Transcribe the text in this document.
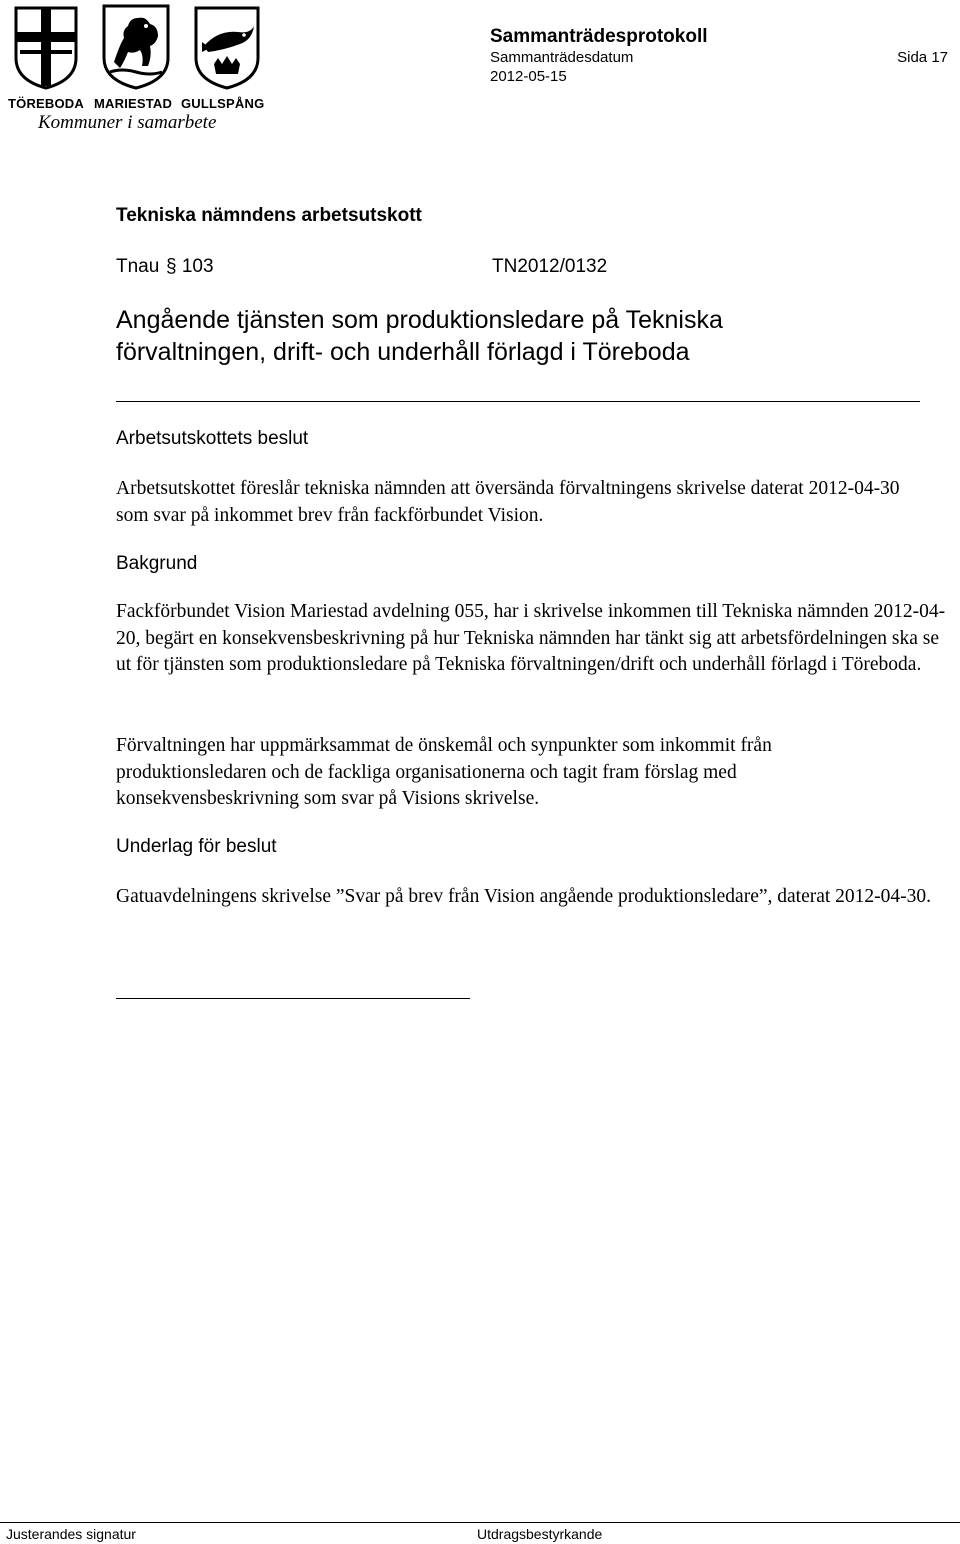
TÖREBODA MARIESTAD GULLSPÅNG
Kommuner i samarbete
Sammanträdesprotokoll
Sammanträdesdatum
2012-05-15
Sida 17
Tekniska nämndens arbetsutskott
Tnau § 103	TN2012/0132
Angående tjänsten som produktionsledare på Tekniska
förvaltningen, drift- och underhåll förlagd i Töreboda
Arbetsutskottets beslut
Arbetsutskottet föreslår tekniska nämnden att översända förvaltningens skrivelse daterat 2012-04-30 som svar på inkommet brev från fackförbundet Vision.
Bakgrund
Fackförbundet Vision Mariestad avdelning 055, har i skrivelse inkommen till Tekniska nämnden 2012-04-20, begärt en konsekvensbeskrivning på hur Tekniska nämnden har tänkt sig att arbetsfördelningen ska se ut för tjänsten som produktionsledare på Tekniska förvaltningen/drift och underhåll förlagd i Töreboda.
Förvaltningen har uppmärksammat de önskemål och synpunkter som inkommit från produktionsledaren och de fackliga organisationerna och tagit fram förslag med konsekvensbeskrivning som svar på Visions skrivelse.
Underlag för beslut
Gatuavdelningens skrivelse ”Svar på brev från Vision angående produktionsledare”, daterat 2012-04-30.
Justerandes signatur	Utdragsbestyrkande
